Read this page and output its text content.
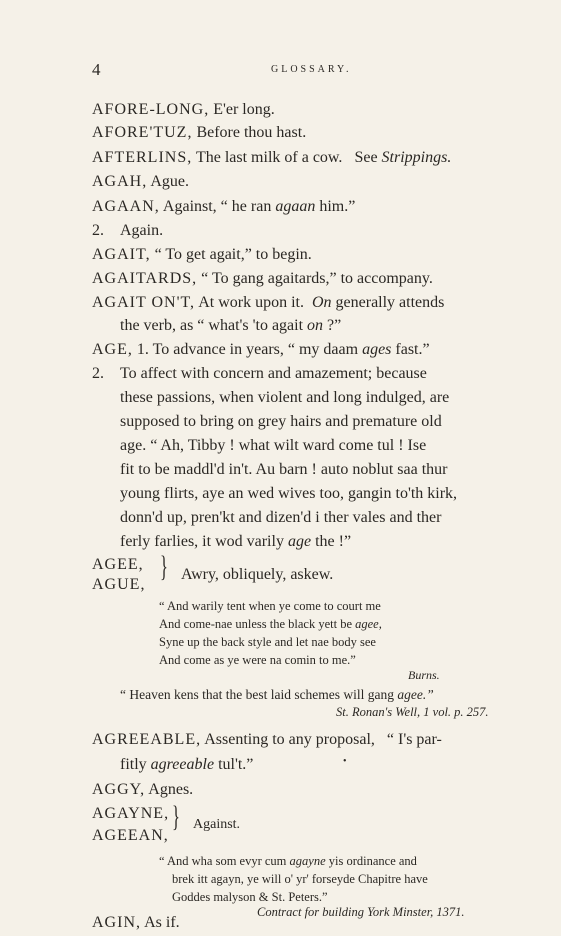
4	GLOSSARY.
AFORE-LONG, E'er long.
AFORE'TUZ, Before thou hast.
AFTERLINS, The last milk of a cow. See Strippings.
AGAH, Ague.
AGAAN, Against, “ he ran agaan him.”
2. Again.
AGAIT, “ To get agait,” to begin.
AGAITARDS, “ To gang agaitards,” to accompany.
AGAIT ON'T, At work upon it. On generally attends
the verb, as “ what's 'to agait on ?”
AGE, 1. To advance in years, “ my daam ages fast.”
2. To affect with concern and amazement; because
these passions, when violent and long indulged, are
supposed to bring on grey hairs and premature old
age. “ Ah, Tibby ! what wilt ward come tul ! Ise
fit to be maddl'd in't. Au barn ! auto noblut saa thur
young flirts, aye an wed wives too, gangin to'th kirk,
donn'd up, pren'kt and dizen'd i ther vales and ther
ferly farlies, it wod varily age the !”
AGEE,
AGUE,
} Awry, obliquely, askew.
“ And warily tent when ye come to court me
And come-nae unless the black yett be agee,
Syne up the back style and let nae body see
And come as ye were na comin to me.”
Burns.
“ Heaven kens that the best laid schemes will gang agee.”
St. Ronan's Well, 1 vol. p. 257.
AGREEABLE, Assenting to any proposal, “ I's par-
fitly agreeable tul't.”
AGGY, Agnes.
•
AGAYNE,
AGEEAN,
} Against.
“ And wha som evyr cum agayne yis ordinance and
brek itt agayn, ye will o' yr' forseyde Chapitre have
Goddes malyson & St. Peters.”
Contract for building York Minster, 1371.
AGIN, As if.
